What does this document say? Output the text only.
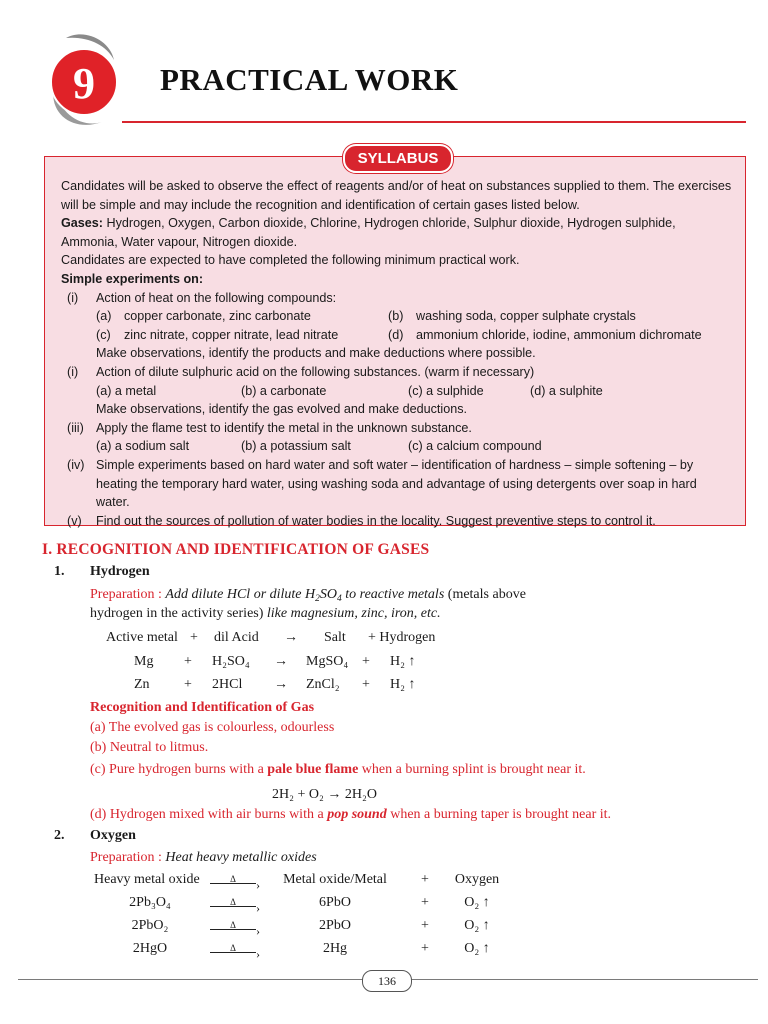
9 PRACTICAL WORK
SYLLABUS

Candidates will be asked to observe the effect of reagents and/or of heat on substances supplied to them. The exercises will be simple and may include the recognition and identification of certain gases listed below.

Gases: Hydrogen, Oxygen, Carbon dioxide, Chlorine, Hydrogen chloride, Sulphur dioxide, Hydrogen sulphide, Ammonia, Water vapour, Nitrogen dioxide.

Candidates are expected to have completed the following minimum practical work.

Simple experiments on:

(i)	Action of heat on the following compounds:
(a) copper carbonate, zinc carbonate	(b) washing soda, copper sulphate crystals
(c)	zinc nitrate, copper nitrate, lead nitrate	(d) ammonium chloride, iodine, ammonium dichromate
Make observations, identify the products and make deductions where possible.
(i)	Action of dilute sulphuric acid on the following substances. (warm if necessary)
(a) a metal	(b) a carbonate	(c) a sulphide	(d) a sulphite
Make observations, identify the gas evolved and make deductions.
(iii) Apply the flame test to identify the metal in the unknown substance.
(a) a sodium salt	(b) a potassium salt	(c) a calcium compound
(iv) Simple experiments based on hard water and soft water – identification of hardness – simple softening – by heating the temporary hard water, using washing soda and advantage of using detergents over soap in hard water.
(v)	Find out the sources of pollution of water bodies in the locality. Suggest preventive steps to control it.
I. RECOGNITION AND IDENTIFICATION OF GASES
1. Hydrogen
Preparation : Add dilute HCl or dilute $H_2SO_4$ to reactive metals (metals above
hydrogen in the activity series) like magnesium, zinc, iron, etc.
Active metal + dil Acid → Salt + Hydrogen
Mg + H₂SO₄ → MgSO₄ + H₂ ↑
Zn + 2HCl → ZnCl₂ + H₂ ↑
Recognition and Identification of Gas
(a) The evolved gas is colourless, odourless
(b) Neutral to litmus.
(c) Pure hydrogen burns with a pale blue flame when a burning splint is brought near it.
2H₂ + O₂ → 2H₂O
(d) Hydrogen mixed with air burns with a pop sound when a burning taper is brought near it.
2. Oxygen
Preparation : Heat heavy metallic oxides
Heavy metal oxide	Δ ›	Metal oxide/Metal	+	Oxygen
2Pb₃O₄	Δ ›	6PbO	+	O₂ ↑
2PbO₂	Δ ›	2PbO	+	O₂ ↑
2HgO	Δ ›	2Hg	+	O₂ ↑
136
